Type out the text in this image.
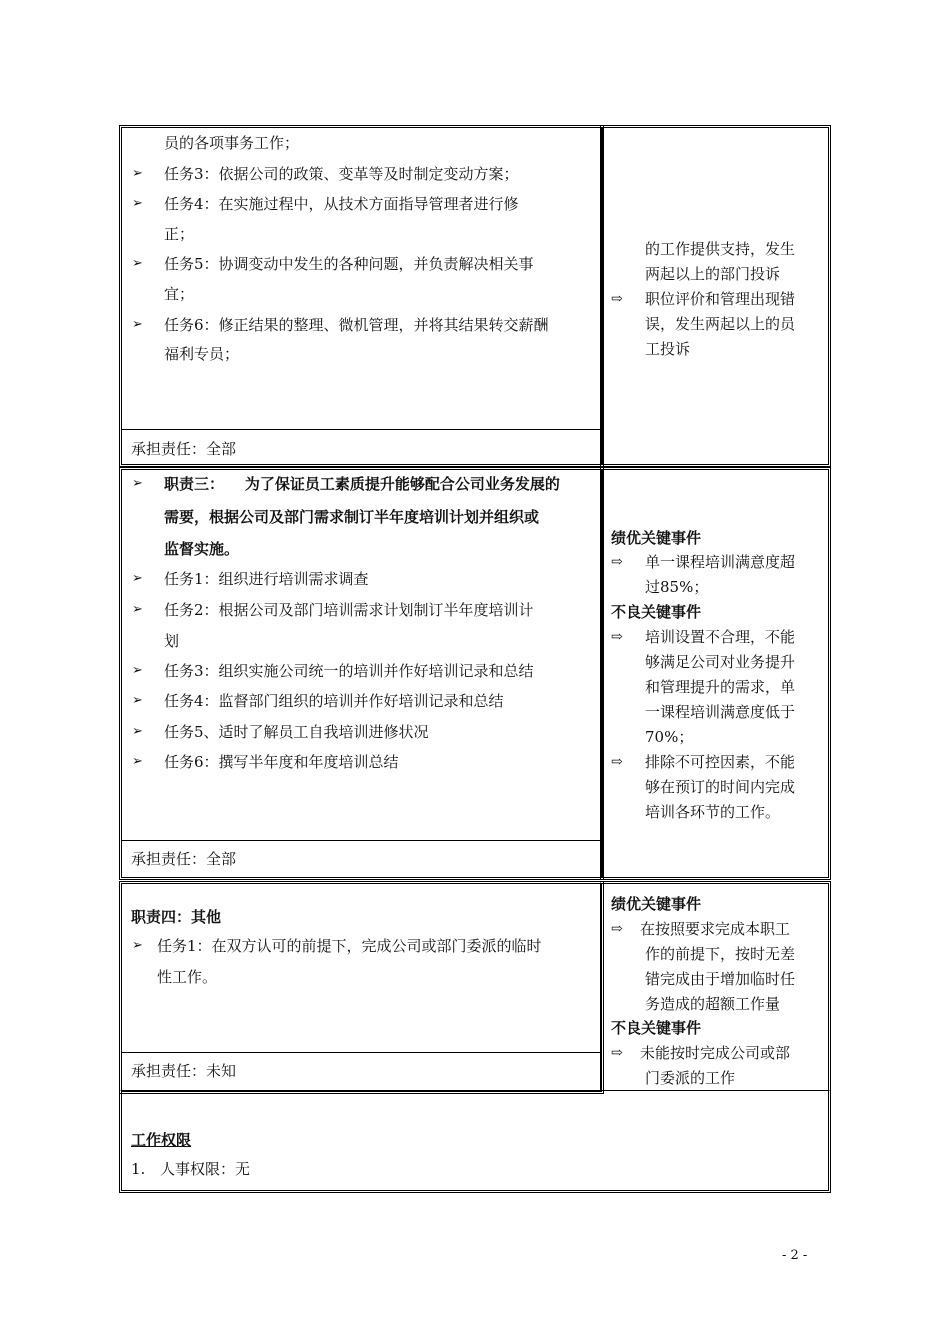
员的各项事务工作；
➢ 任务3：依据公司的政策、变革等及时制定变动方案；
➢ 任务4：在实施过程中，从技术方面指导管理者进行修
正；
➢ 任务5：协调变动中发生的各种问题，并负责解决相关事
宜；
➢ 任务6：修正结果的整理、微机管理，并将其结果转交薪酬
福利专员；
承担责任：全部
的工作提供支持，发生
两起以上的部门投诉
⇨ 职位评价和管理出现错
误，发生两起以上的员
工投诉
➢ 职责三：    为了保证员工素质提升能够配合公司业务发展的
需要，根据公司及部门需求制订半年度培训计划并组织或
监督实施。
➢ 任务1：组织进行培训需求调查
➢ 任务2：根据公司及部门培训需求计划制订半年度培训计
划
➢ 任务3：组织实施公司统一的培训并作好培训记录和总结
➢ 任务4：监督部门组织的培训并作好培训记录和总结
➢ 任务5、适时了解员工自我培训进修状况
➢ 任务6：撰写半年度和年度培训总结
承担责任：全部
绩优关键事件
⇨ 单一课程培训满意度超
过85%；
不良关键事件
⇨ 培训设置不合理，不能
够满足公司对业务提升
和管理提升的需求，单
一课程培训满意度低于
70%；
⇨ 排除不可控因素，不能
够在预订的时间内完成
培训各环节的工作。
职责四：其他
➢ 任务1：在双方认可的前提下，完成公司或部门委派的临时
性工作。
承担责任：未知
绩优关键事件
⇨ 在按照要求完成本职工
作的前提下，按时无差
错完成由于增加临时任
务造成的超额工作量
不良关键事件
⇨ 未能按时完成公司或部
门委派的工作
工作权限
1. 人事权限：无
- 2 -
